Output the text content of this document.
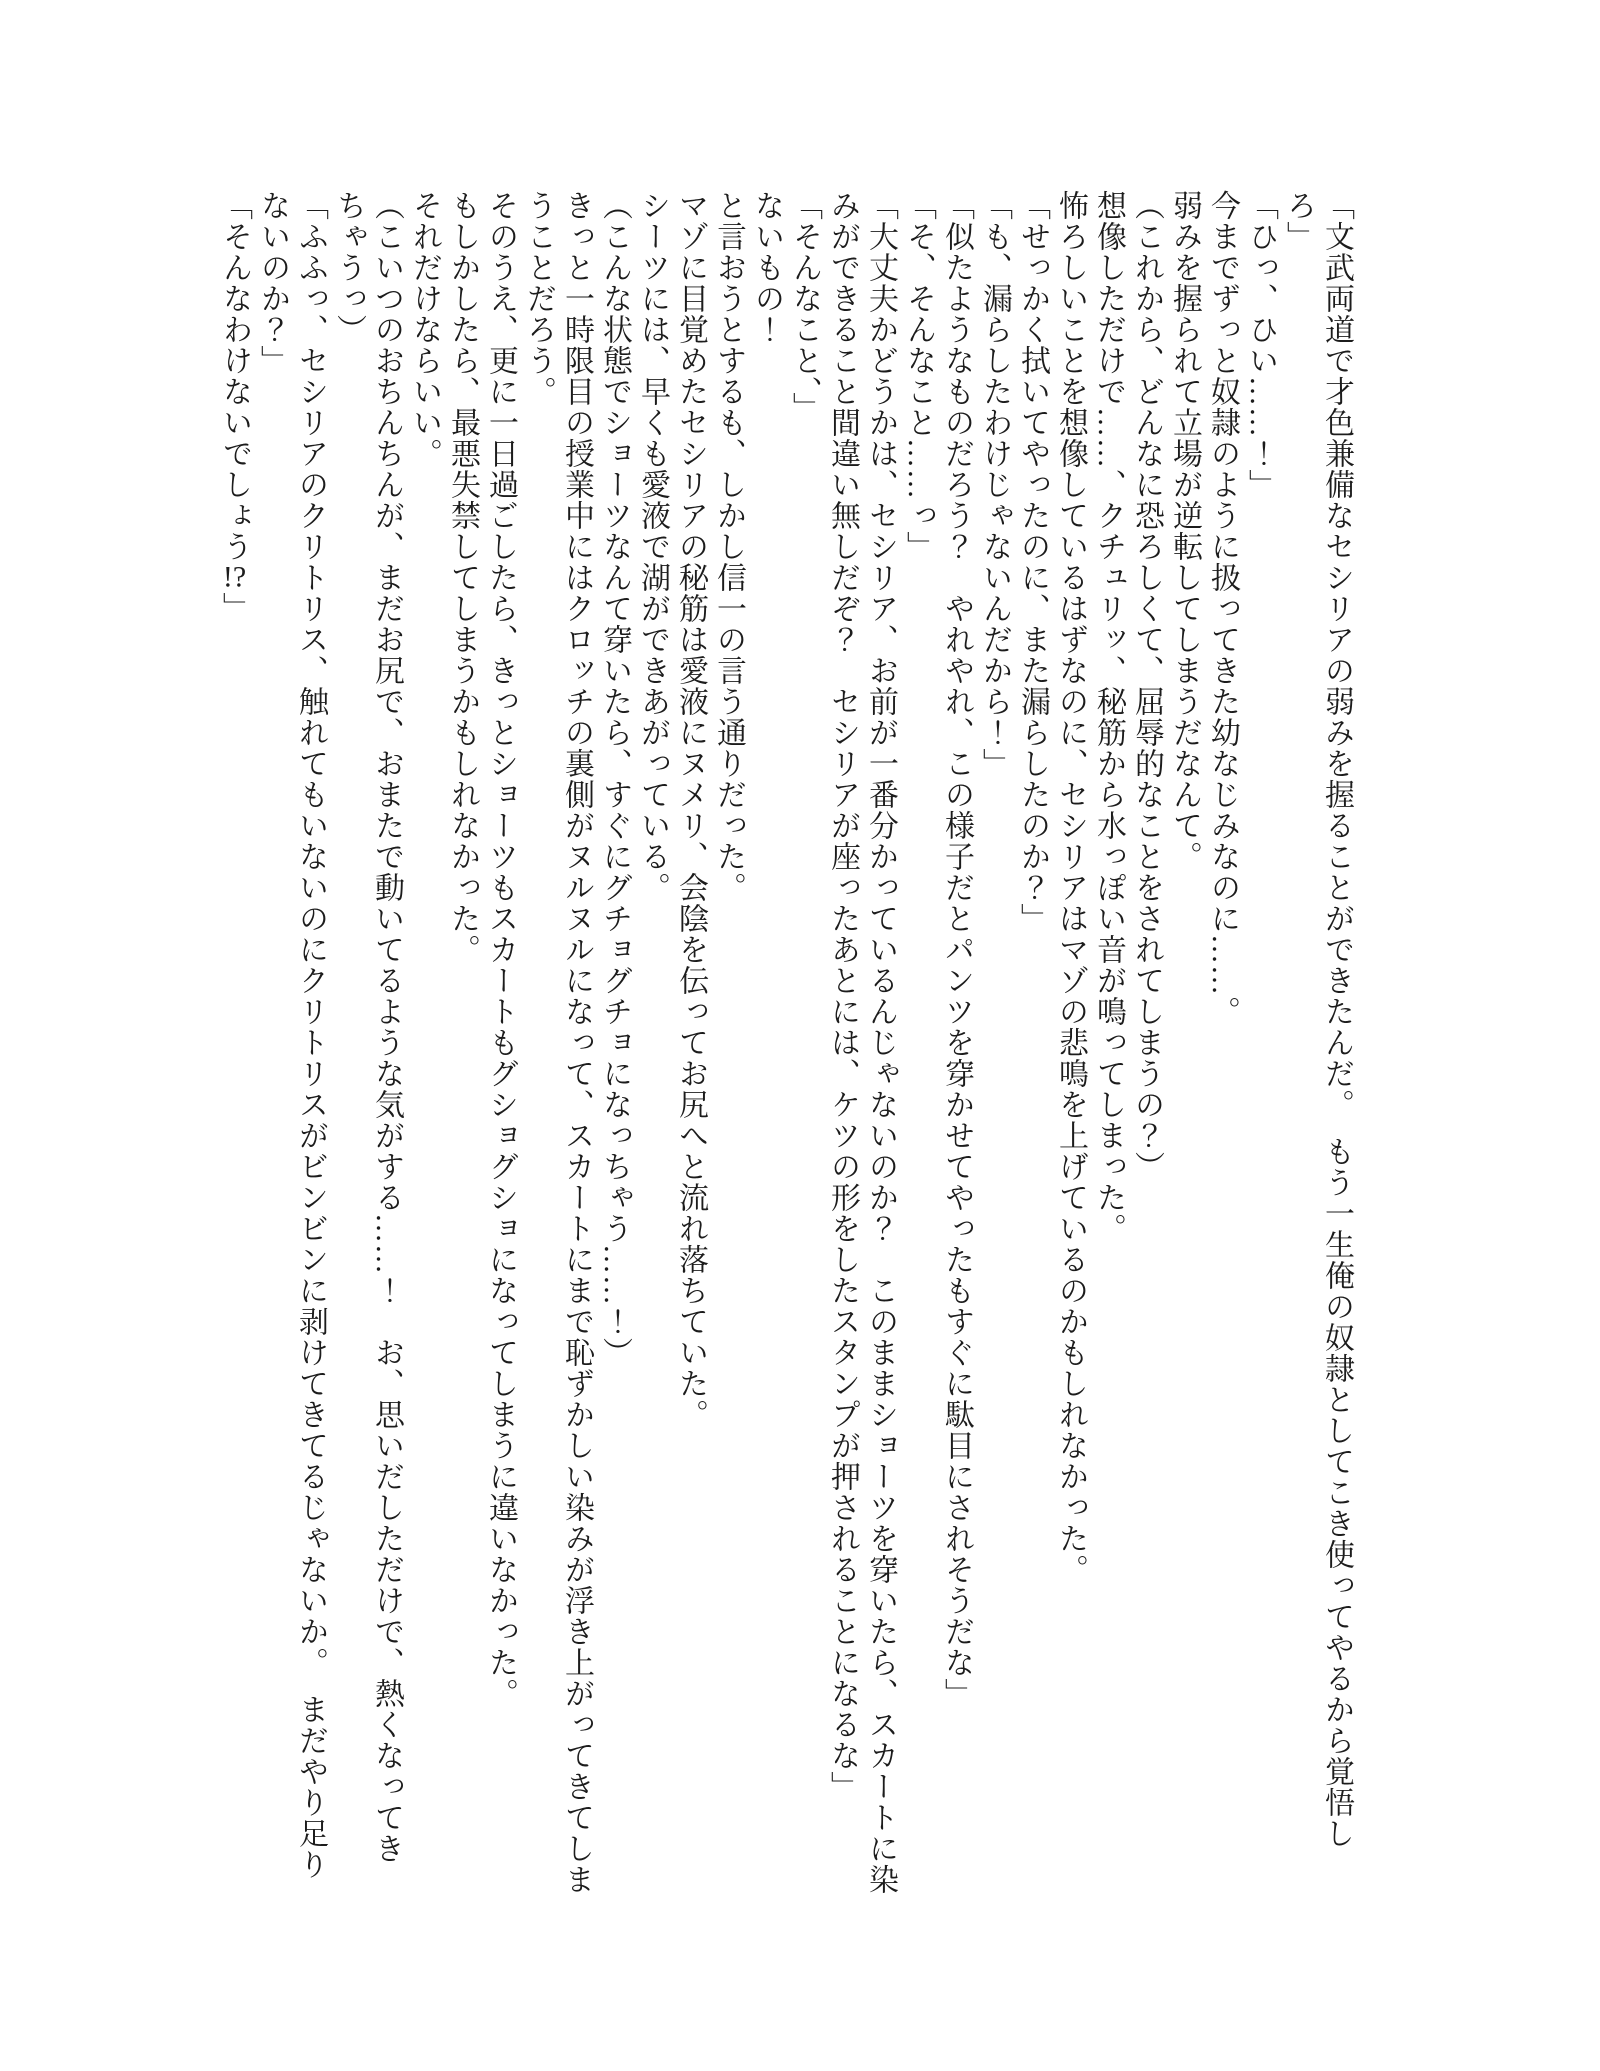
「文武両道で才色兼備なセシリアの弱みを握ることができたんだ。　もう一生俺の奴隷としてこき使ってやるから覚悟しろ」

「ひっ、ひい……！」

今までずっと奴隷のように扱ってきた幼なじみなのに……。

弱みを握られて立場が逆転してしまうだなんて。

（これから、どんなに恐ろしくて、屈辱的なことをされてしまうの？）

想像しただけで……、クチュリッ、秘筋から水っぽい音が鳴ってしまった。

怖ろしいことを想像しているはずなのに、セシリアはマゾの悲鳴を上げているのかもしれなかった。

「せっかく拭いてやったのに、また漏らしたのか？」

「も、漏らしたわけじゃないんだから！」

「似たようなものだろう？　やれやれ、この様子だとパンツを穿かせてやったもすぐに駄目にされそうだな」

「そ、そんなこと……っ」

「大丈夫かどうかは、セシリア、お前が一番分かっているんじゃないのか？　このままショーツを穿いたら、スカートに染みができること間違い無しだぞ？　セシリアが座ったあとには、ケツの形をしたスタンプが押されることになるな」

「そんなこと、」

ないもの！

と言おうとするも、しかし信一の言う通りだった。

マゾに目覚めたセシリアの秘筋は愛液にヌメリ、会陰を伝ってお尻へと流れ落ちていた。

シーツには、早くも愛液で湖ができあがっている。

（こんな状態でショーツなんて穿いたら、すぐにグチョグチョになっちゃう……！）

きっと一時限目の授業中にはクロッチの裏側がヌルヌルになって、スカートにまで恥ずかしい染みが浮き上がってきてしまうことだろう。

そのうえ、更に一日過ごしたら、きっとショーツもスカートもグショグショになってしまうに違いなかった。

もしかしたら、最悪失禁してしまうかもしれなかった。

それだけならいい。

（こいつのおちんちんが、まだお尻で、おまたで動いてるような気がする……！　お、思いだしただけで、熱くなってきちゃうっ）

「ふふっ、セシリアのクリトリス、触れてもいないのにクリトリスがビンビンに剥けてきてるじゃないか。　まだやり足りないのか？」

「そんなわけないでしょう!?」
